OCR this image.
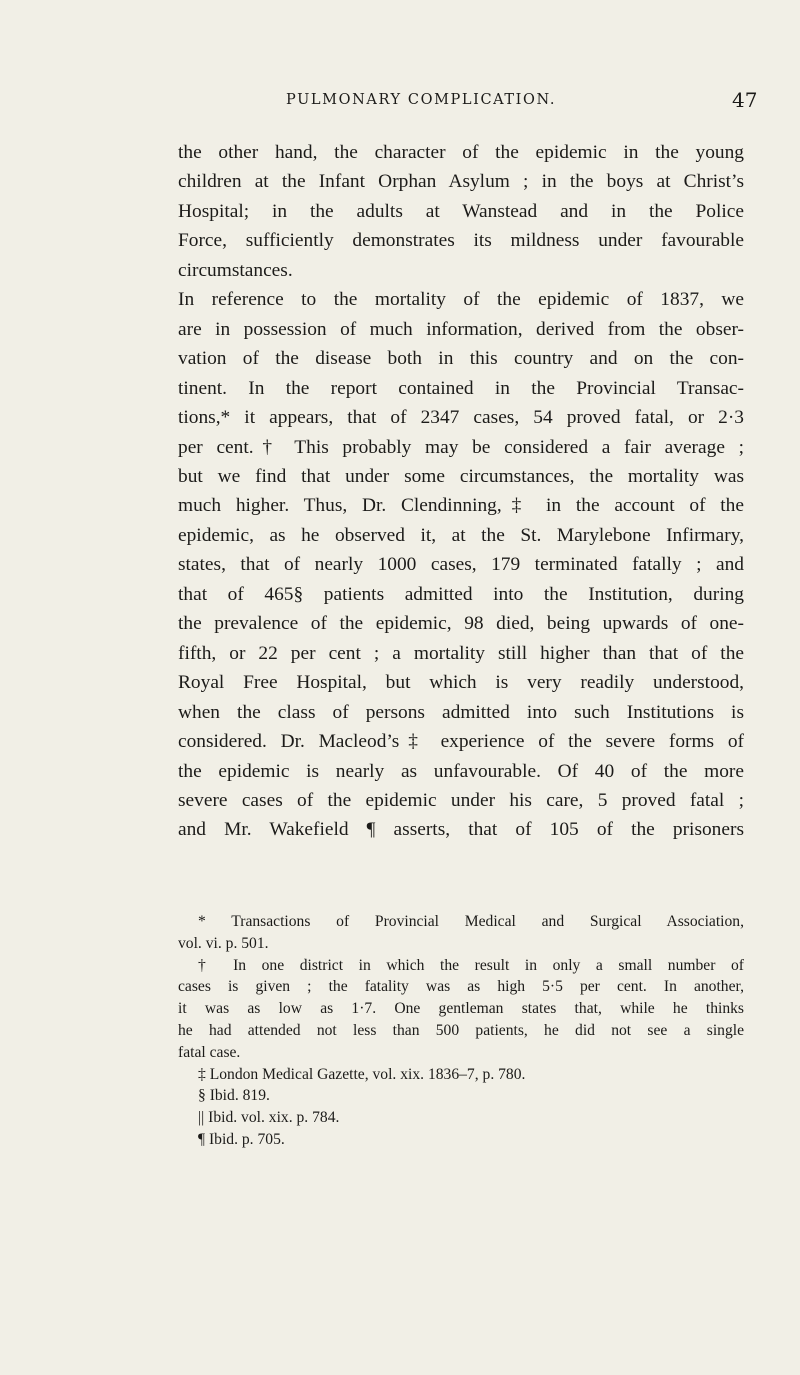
PULMONARY COMPLICATION.	47
the other hand, the character of the epidemic in the young
children at the Infant Orphan Asylum ; in the boys at Christ’s
Hospital; in the adults at Wanstead and in the Police
Force, sufficiently demonstrates its mildness under favourable
circumstances.
In reference to the mortality of the epidemic of 1837, we
are in possession of much information, derived from the obser-
vation of the disease both in this country and on the con-
tinent. In the report contained in the Provincial Transac-
tions,* it appears, that of 2347 cases, 54 proved fatal, or 2·3
per cent.† This probably may be considered a fair average ;
but we find that under some circumstances, the mortality was
much higher. Thus, Dr. Clendinning,‡ in the account of the
epidemic, as he observed it, at the St. Marylebone Infirmary,
states, that of nearly 1000 cases, 179 terminated fatally ; and
that of 465§ patients admitted into the Institution, during
the prevalence of the epidemic, 98 died, being upwards of one-
fifth, or 22 per cent ; a mortality still higher than that of the
Royal Free Hospital, but which is very readily understood,
when the class of persons admitted into such Institutions is
considered. Dr. Macleod’s‡ experience of the severe forms of
the epidemic is nearly as unfavourable. Of 40 of the more
severe cases of the epidemic under his care, 5 proved fatal ;
and Mr. Wakefield ¶ asserts, that of 105 of the prisoners
* Transactions of Provincial Medical and Surgical Association,
vol. vi. p. 501.
† In one district in which the result in only a small number of
cases is given ; the fatality was as high 5·5 per cent. In another,
it was as low as 1·7. One gentleman states that, while he thinks
he had attended not less than 500 patients, he did not see a single
fatal case.
‡ London Medical Gazette, vol. xix. 1836–7, p. 780.
§ Ibid. 819.
|| Ibid. vol. xix. p. 784.
¶ Ibid. p. 705.
